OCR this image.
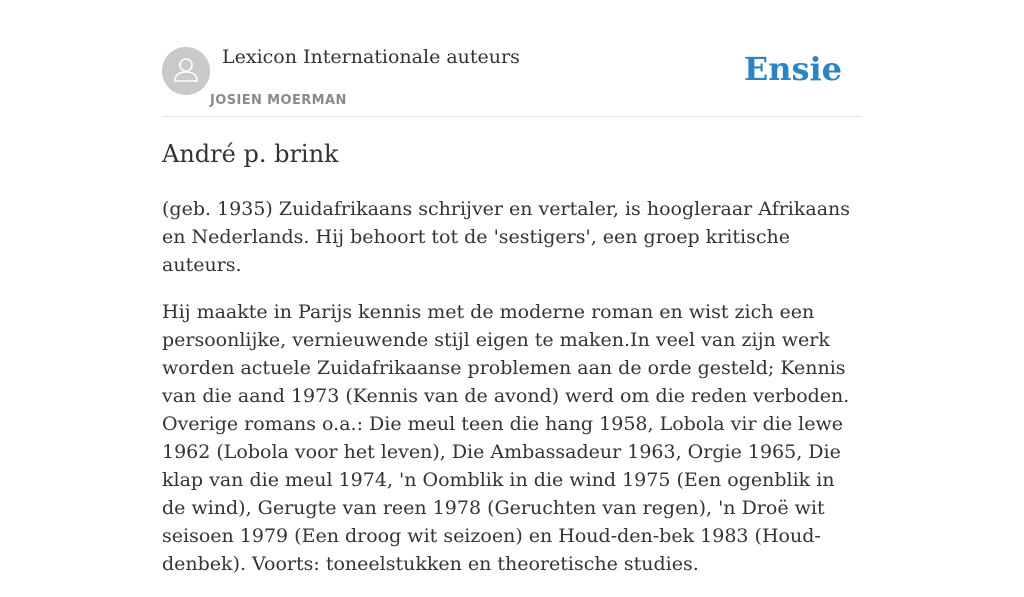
Lexicon Internationale auteurs
JOSIEN MOERMAN
Ensie
André p. brink

(geb. 1935) Zuidafrikaans schrijver en vertaler, is hoogleraar Afrikaans en Nederlands. Hij behoort tot de 'sestigers', een groep kritische auteurs.

Hij maakte in Parijs kennis met de moderne roman en wist zich een persoonlijke, vernieuwende stijl eigen te maken.In veel van zijn werk worden actuele Zuidafrikaanse problemen aan de orde gesteld; Kennis van die aand 1973 (Kennis van de avond) werd om die reden verboden. Overige romans o.a.: Die meul teen die hang 1958, Lobola vir die lewe 1962 (Lobola voor het leven), Die Ambassadeur 1963, Orgie 1965, Die klap van die meul 1974, 'n Oomblik in die wind 1975 (Een ogenblik in de wind), Gerugte van reen 1978 (Geruchten van regen), 'n Droë wit seisoen 1979 (Een droog wit seizoen) en Houd-den-bek 1983 (Houd-denbek). Voorts: toneelstukken en theoretische studies.
